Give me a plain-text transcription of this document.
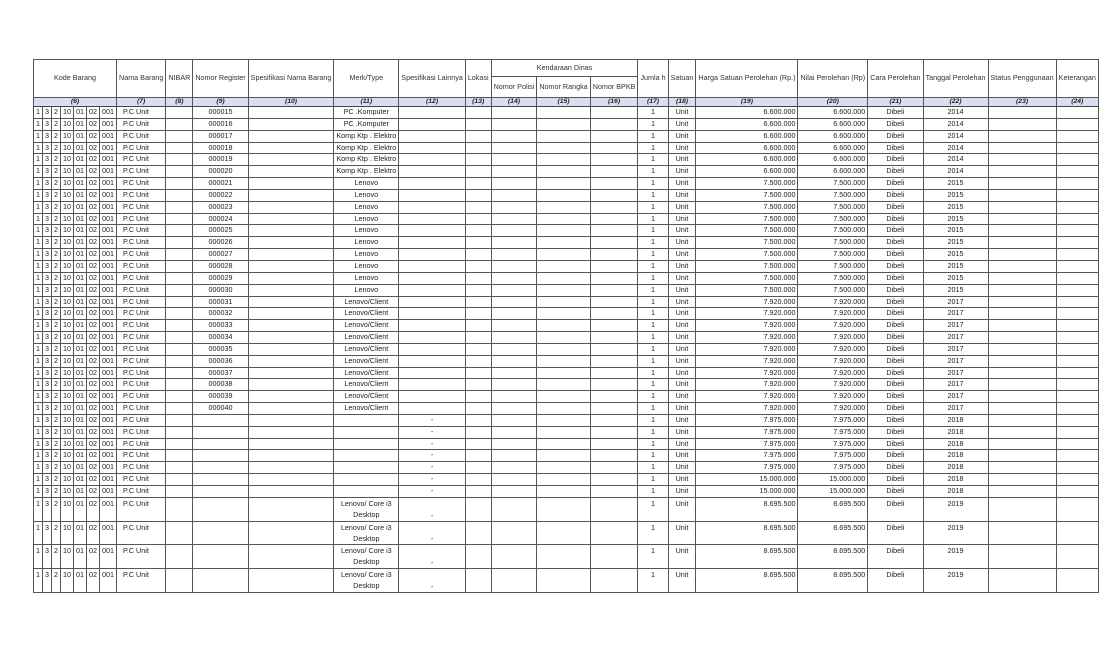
Kode Barang							Nama Barang	NIBAR	Nomor Register	Spesifikasi Nama Barang	Merk/Type	Spesifikasi Lainnya	Lokasi	Kendaraan Dinas			Jumla h	Satuan	Harga Satuan Perolehan (Rp.)	Nilai Perolehan (Rp)	Cara Perolehan	Tanggal Perolehan	Status Penggunaan	Keterangan
														Nomor Polisi	Nomor Rangka	Nomor BPKB								
(6)							(7)	(8)	(9)	(10)	(11)	(12)	(13)	(14)	(15)	(16)	(17)	(18)	(19)	(20)	(21)	(22)	(23)	(24)
1	3	2	10	01	02	001	P.C Unit		000015		PC .Komputer						1	Unit	6.600.000	6.600.000	Dibeli	2014		
1	3	2	10	01	02	001	P.C Unit		000016		PC .Komputer						1	Unit	6.600.000	6.600.000	Dibeli	2014		
1	3	2	10	01	02	001	P.C Unit		000017		Komp Ktp . Elektro						1	Unit	6.600.000	6.600.000	Dibeli	2014		
1	3	2	10	01	02	001	P.C Unit		000018		Komp Ktp . Elektro						1	Unit	6.600.000	6.600.000	Dibeli	2014		
1	3	2	10	01	02	001	P.C Unit		000019		Komp Ktp . Elektro						1	Unit	6.600.000	6.600.000	Dibeli	2014		
1	3	2	10	01	02	001	P.C Unit		000020		Komp Ktp . Elektro						1	Unit	6.600.000	6.600.000	Dibeli	2014		
1	3	2	10	01	02	001	P.C Unit		000021		Lenovo						1	Unit	7.500.000	7.500.000	Dibeli	2015		
1	3	2	10	01	02	001	P.C Unit		000022		Lenovo						1	Unit	7.500.000	7.500.000	Dibeli	2015		
1	3	2	10	01	02	001	P.C Unit		000023		Lenovo						1	Unit	7.500.000	7.500.000	Dibeli	2015		
1	3	2	10	01	02	001	P.C Unit		000024		Lenovo						1	Unit	7.500.000	7.500.000	Dibeli	2015		
1	3	2	10	01	02	001	P.C Unit		000025		Lenovo						1	Unit	7.500.000	7.500.000	Dibeli	2015		
1	3	2	10	01	02	001	P.C Unit		000026		Lenovo						1	Unit	7.500.000	7.500.000	Dibeli	2015		
1	3	2	10	01	02	001	P.C Unit		000027		Lenovo						1	Unit	7.500.000	7.500.000	Dibeli	2015		
1	3	2	10	01	02	001	P.C Unit		000028		Lenovo						1	Unit	7.500.000	7.500.000	Dibeli	2015		
1	3	2	10	01	02	001	P.C Unit		000029		Lenovo						1	Unit	7.500.000	7.500.000	Dibeli	2015		
1	3	2	10	01	02	001	P.C Unit		000030		Lenovo						1	Unit	7.500.000	7.500.000	Dibeli	2015		
1	3	2	10	01	02	001	P.C Unit		000031		Lenovo/Client						1	Unit	7.920.000	7.920.000	Dibeli	2017		
1	3	2	10	01	02	001	P.C Unit		000032		Lenovo/Client						1	Unit	7.920.000	7.920.000	Dibeli	2017		
1	3	2	10	01	02	001	P.C Unit		000033		Lenovo/Client						1	Unit	7.920.000	7.920.000	Dibeli	2017		
1	3	2	10	01	02	001	P.C Unit		000034		Lenovo/Client						1	Unit	7.920.000	7.920.000	Dibeli	2017		
1	3	2	10	01	02	001	P.C Unit		000035		Lenovo/Client						1	Unit	7.920.000	7.920.000	Dibeli	2017		
1	3	2	10	01	02	001	P.C Unit		000036		Lenovo/Client						1	Unit	7.920.000	7.920.000	Dibeli	2017		
1	3	2	10	01	02	001	P.C Unit		000037		Lenovo/Client						1	Unit	7.920.000	7.920.000	Dibeli	2017		
1	3	2	10	01	02	001	P.C Unit		000038		Lenovo/Client						1	Unit	7.920.000	7.920.000	Dibeli	2017		
1	3	2	10	01	02	001	P.C Unit		000039		Lenovo/Client						1	Unit	7.920.000	7.920.000	Dibeli	2017		
1	3	2	10	01	02	001	P.C Unit		000040		Lenovo/Client						1	Unit	7.920.000	7.920.000	Dibeli	2017		
1	3	2	10	01	02	001	P.C Unit					-					1	Unit	7.975.000	7.975.000	Dibeli	2018		
1	3	2	10	01	02	001	P.C Unit					-					1	Unit	7.975.000	7.975.000	Dibeli	2018		
1	3	2	10	01	02	001	P.C Unit					-					1	Unit	7.975.000	7.975.000	Dibeli	2018		
1	3	2	10	01	02	001	P.C Unit					-					1	Unit	7.975.000	7.975.000	Dibeli	2018		
1	3	2	10	01	02	001	P.C Unit					-					1	Unit	7.975.000	7.975.000	Dibeli	2018		
1	3	2	10	01	02	001	P.C Unit					-					1	Unit	15.000.000	15.000.000	Dibeli	2018		
1	3	2	10	01	02	001	P.C Unit					-					1	Unit	15.000.000	15.000.000	Dibeli	2018		
1	3	2	10	01	02	001	P.C Unit				Lenovo/ Core i3 Desktop	-					1	Unit	8.695.500	8.695.500	Dibeli	2019		
1	3	2	10	01	02	001	P.C Unit				Lenovo/ Core i3 Desktop	-					1	Unit	8.695.500	8.695.500	Dibeli	2019		
1	3	2	10	01	02	001	P.C Unit				Lenovo/ Core i3 Desktop	-					1	Unit	8.695.500	8.695.500	Dibeli	2019		
1	3	2	10	01	02	001	P.C Unit				Lenovo/ Core i3 Desktop	-					1	Unit	8.695.500	8.695.500	Dibeli	2019		
